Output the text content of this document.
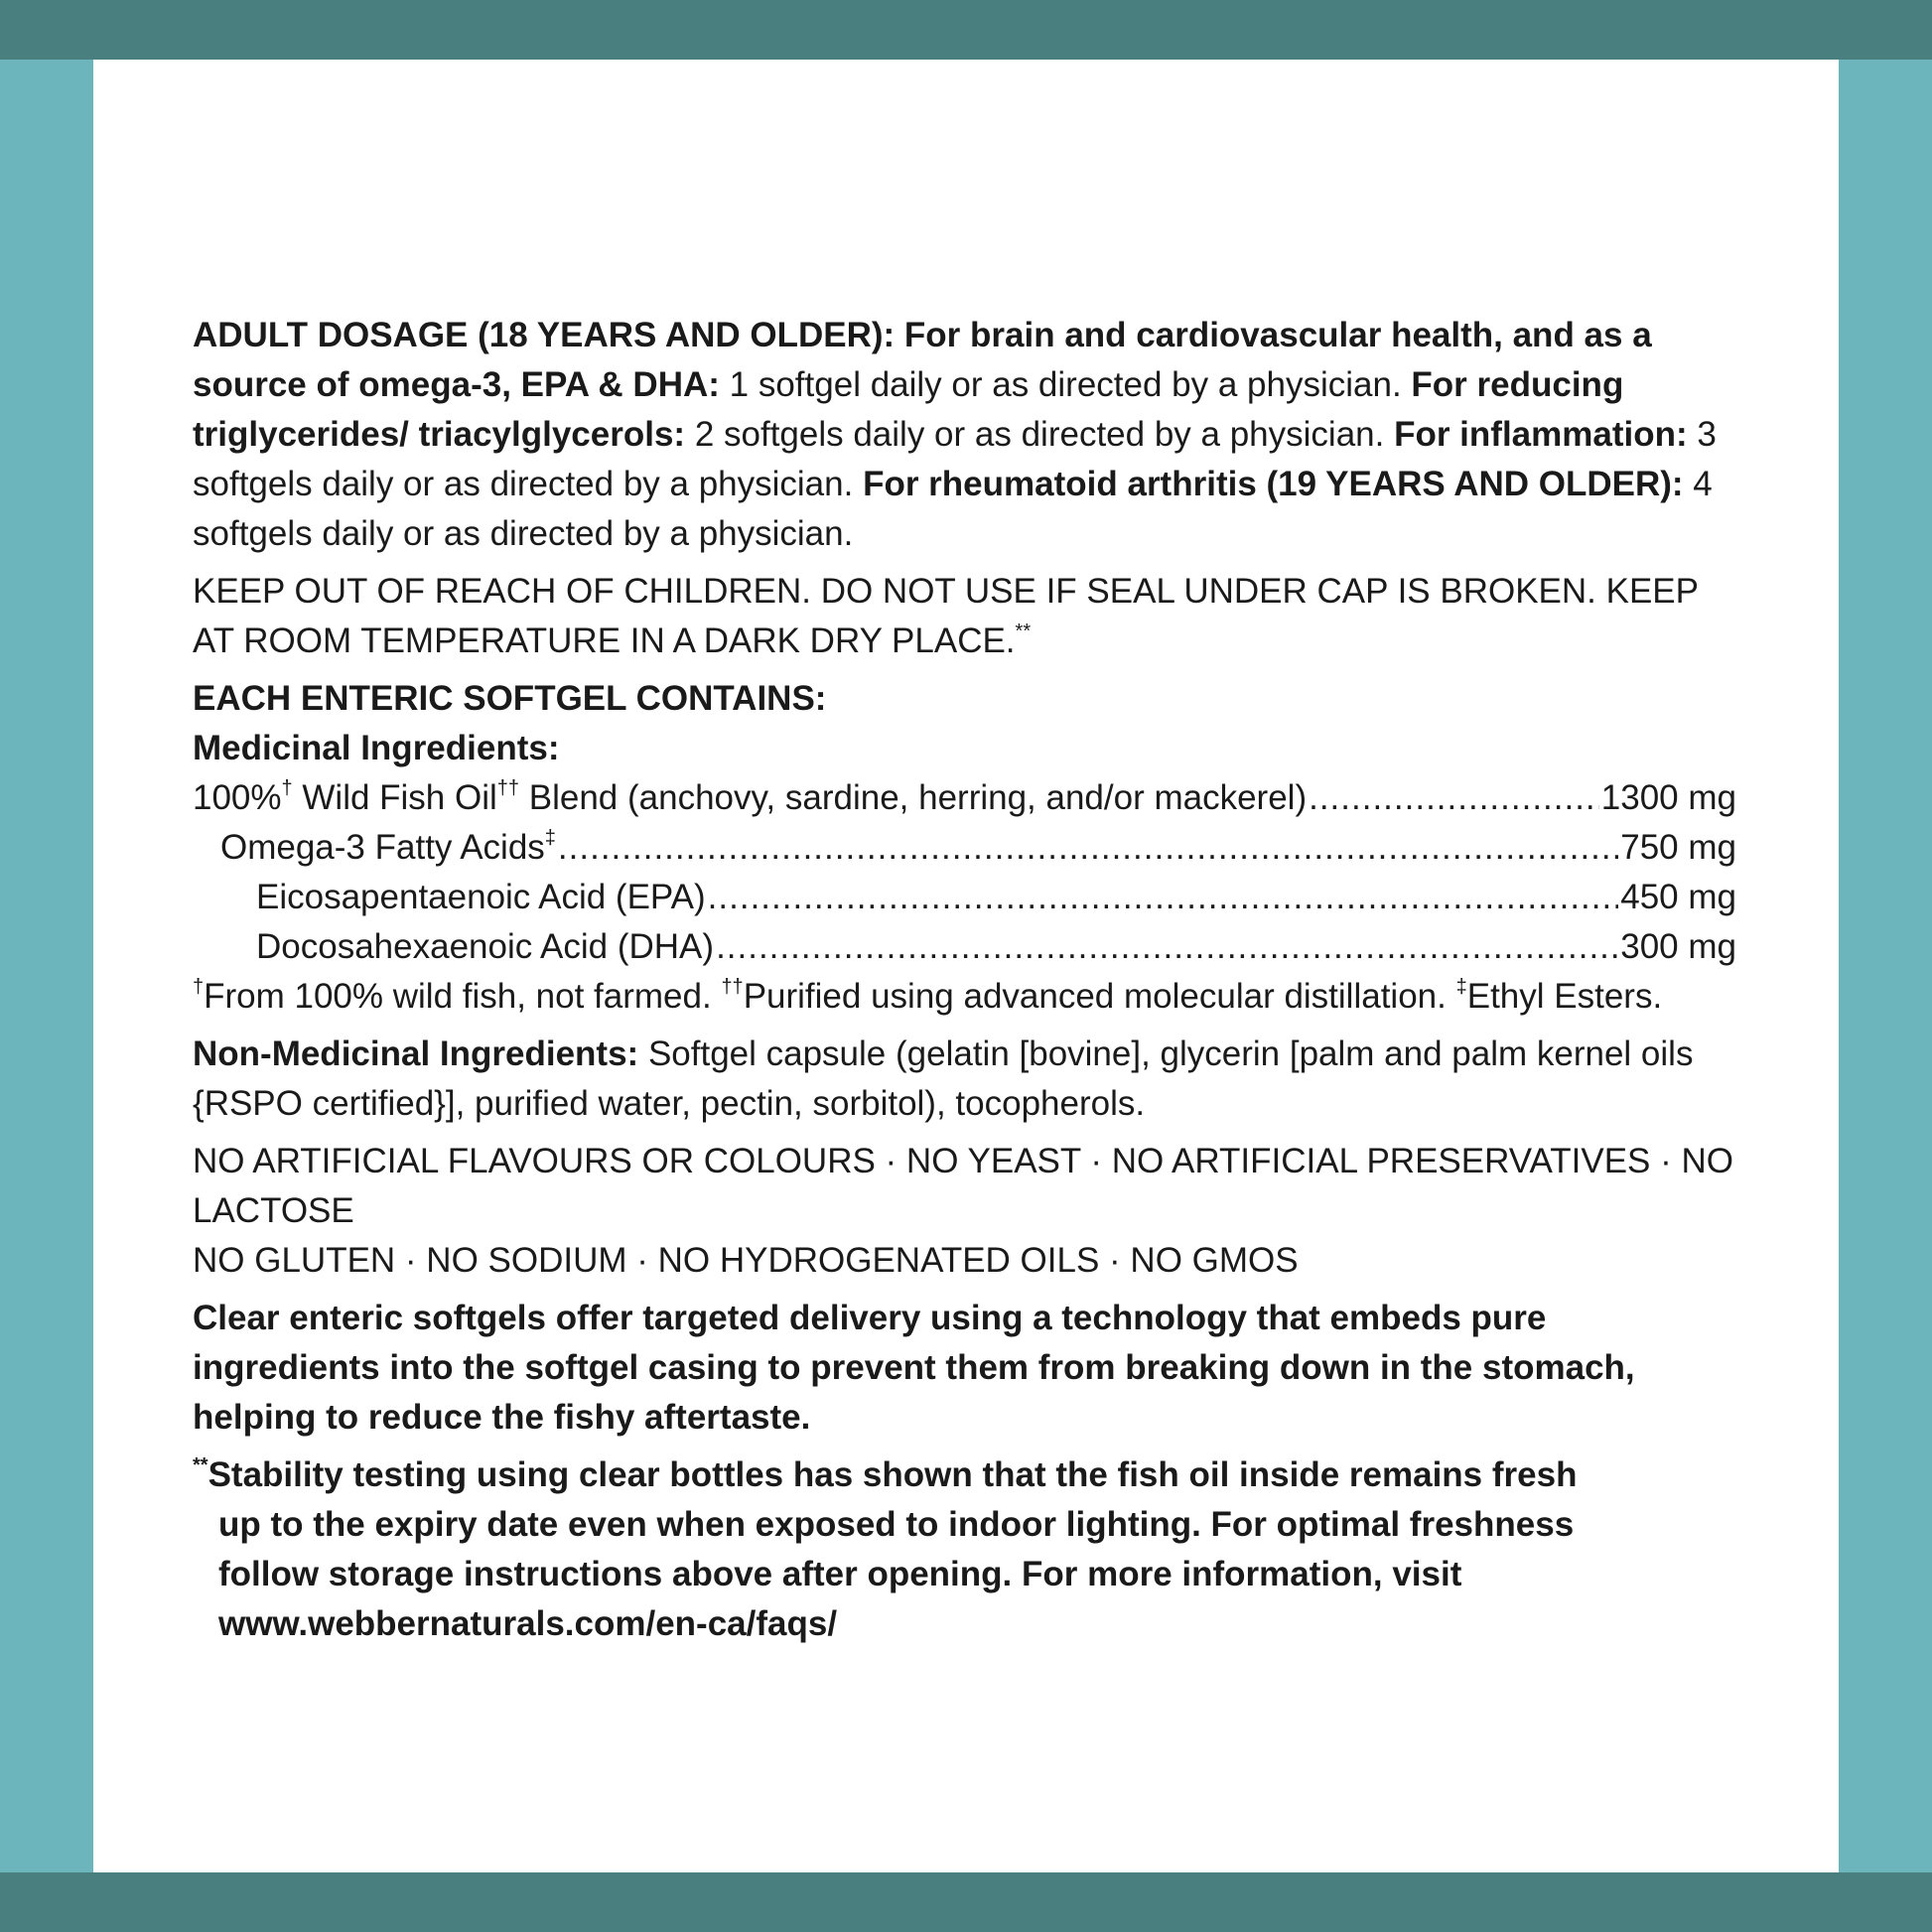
ADULT DOSAGE (18 YEARS AND OLDER): For brain and cardiovascular health, and as a source of omega-3, EPA & DHA: 1 softgel daily or as directed by a physician. For reducing triglycerides/ triacylglycerols: 2 softgels daily or as directed by a physician. For inflammation: 3 softgels daily or as directed by a physician. For rheumatoid arthritis (19 YEARS AND OLDER): 4 softgels daily or as directed by a physician.

KEEP OUT OF REACH OF CHILDREN. DO NOT USE IF SEAL UNDER CAP IS BROKEN. KEEP AT ROOM TEMPERATURE IN A DARK DRY PLACE.**

EACH ENTERIC SOFTGEL CONTAINS:

Medicinal Ingredients:

100%† Wild Fish Oil†† Blend (anchovy, sardine, herring, and/or mackerel) .....	1300 mg
Omega-3 Fatty Acids‡ .....	750 mg
Eicosapentaenoic Acid (EPA) .....	450 mg
Docosahexaenoic Acid (DHA) .....	300 mg

†From 100% wild fish, not farmed. ††Purified using advanced molecular distillation. ‡Ethyl Esters.

Non-Medicinal Ingredients: Softgel capsule (gelatin [bovine], glycerin [palm and palm kernel oils {RSPO certified}], purified water, pectin, sorbitol), tocopherols.

NO ARTIFICIAL FLAVOURS OR COLOURS · NO YEAST · NO ARTIFICIAL PRESERVATIVES · NO LACTOSE

NO GLUTEN · NO SODIUM · NO HYDROGENATED OILS · NO GMOS

Clear enteric softgels offer targeted delivery using a technology that embeds pure ingredients into the softgel casing to prevent them from breaking down in the stomach, helping to reduce the fishy aftertaste.

**Stability testing using clear bottles has shown that the fish oil inside remains fresh
up to the expiry date even when exposed to indoor lighting. For optimal freshness
follow storage instructions above after opening. For more information, visit
www.webbernaturals.com/en-ca/faqs/
